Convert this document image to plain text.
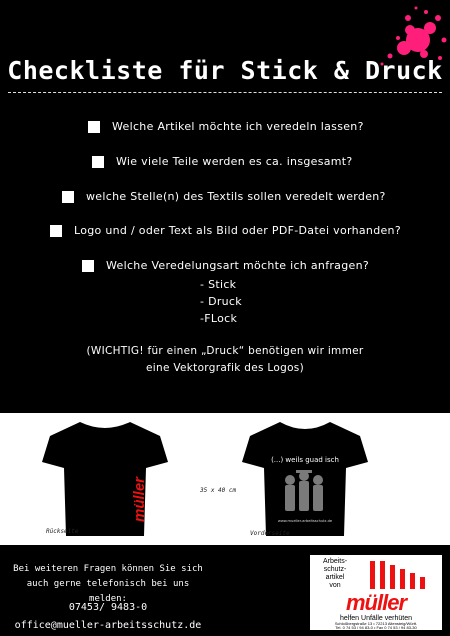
Checkliste für Stick & Druck
Welche Artikel möchte ich veredeln lassen?
Wie viele Teile werden es ca. insgesamt?
welche Stelle(n) des Textils sollen veredelt werden?
Logo und / oder Text als Bild oder PDF-Datei vorhanden?
Welche Veredelungsart möchte ich anfragen?
- Stick
- Druck
-FLock
(WICHTIG! für einen „Druck“ benötigen wir immer
eine Vektorgrafik des Logos)
müller
(...) weils guad isch
www.mueller-arbeitsschutz.de
Rückseite
35 x 40 cm
Vorderseite
Bei weiteren Fragen können Sie sich
auch gerne telefonisch bei uns melden:
07453/ 9483-0
office@mueller-arbeitsschutz.de
Arbeits-
schutz-
artikel
von
müller
helfen Unfälle verhüten
Schloßbergstraße 13 • 72213 Altensteig/Württ.
Tel. 0 74 53 / 94 83-0 • Fax 0 74 53 / 94 83-30
